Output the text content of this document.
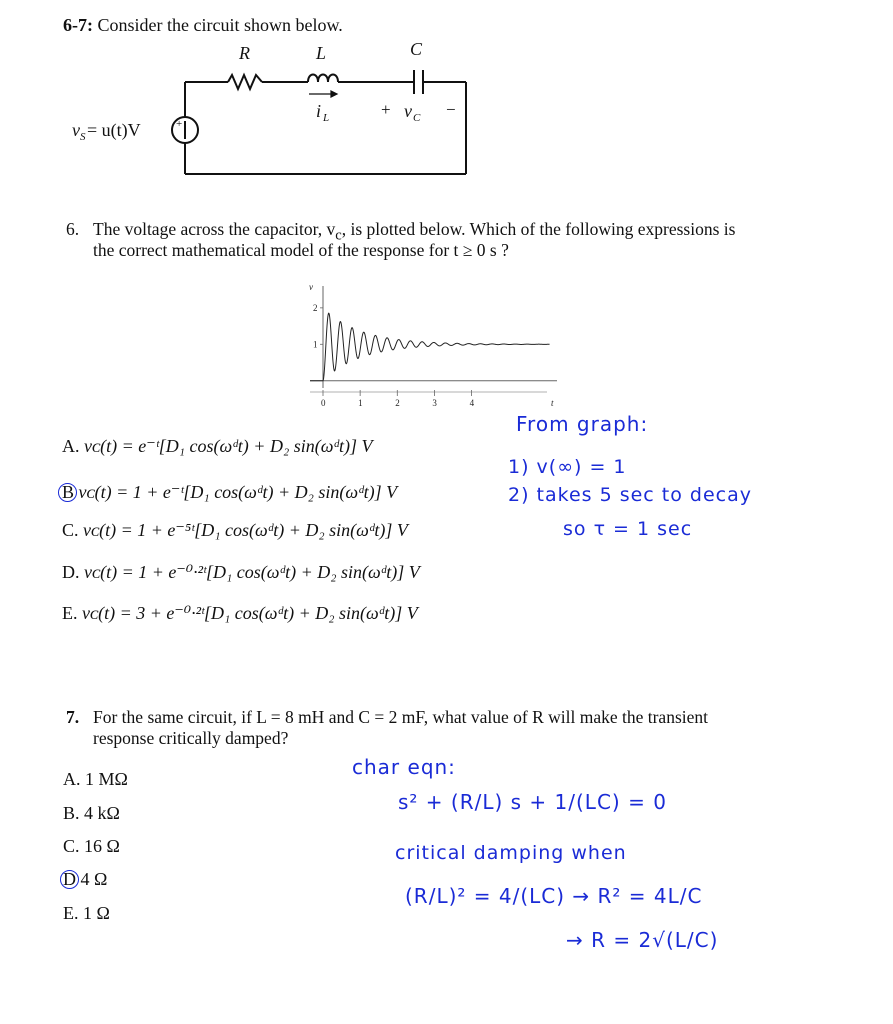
6-7: Consider the circuit shown below.
R	L	C
i L	+ v C −
+
v S = u(t)V
6. The voltage across the capacitor, $v_c$, is plotted below. Which of the following expressions is
the correct mathematical model of the response for t ≥ 0 s ?
0	1	2	3	4
1
2
t
v
A. vᴄ(t) = e⁻ᵗ[D₁ cos(ωᵈt) + D₂ sin(ωᵈt)] V
B vᴄ(t) = 1 + e⁻ᵗ[D₁ cos(ωᵈt) + D₂ sin(ωᵈt)] V
C. vᴄ(t) = 1 + e⁻⁵ᵗ[D₁ cos(ωᵈt) + D₂ sin(ωᵈt)] V
D. vᴄ(t) = 1 + e⁻⁰·²ᵗ[D₁ cos(ωᵈt) + D₂ sin(ωᵈt)] V
E. vᴄ(t) = 3 + e⁻⁰·²ᵗ[D₁ cos(ωᵈt) + D₂ sin(ωᵈt)] V
From graph:
1) v(∞) = 1
2) takes 5 sec to decay
so τ = 1 sec
7. For the same circuit, if L = 8 mH and C = 2 mF, what value of R will make the transient
response critically damped?
A. 1 MΩ
B. 4 kΩ
C. 16 Ω
D 4 Ω
E. 1 Ω
char eqn:
s² + (R/L) s + 1/(LC) = 0
critical damping when
(R/L)² = 4/(LC) → R² = 4L/C
→ R = 2√(L/C)
